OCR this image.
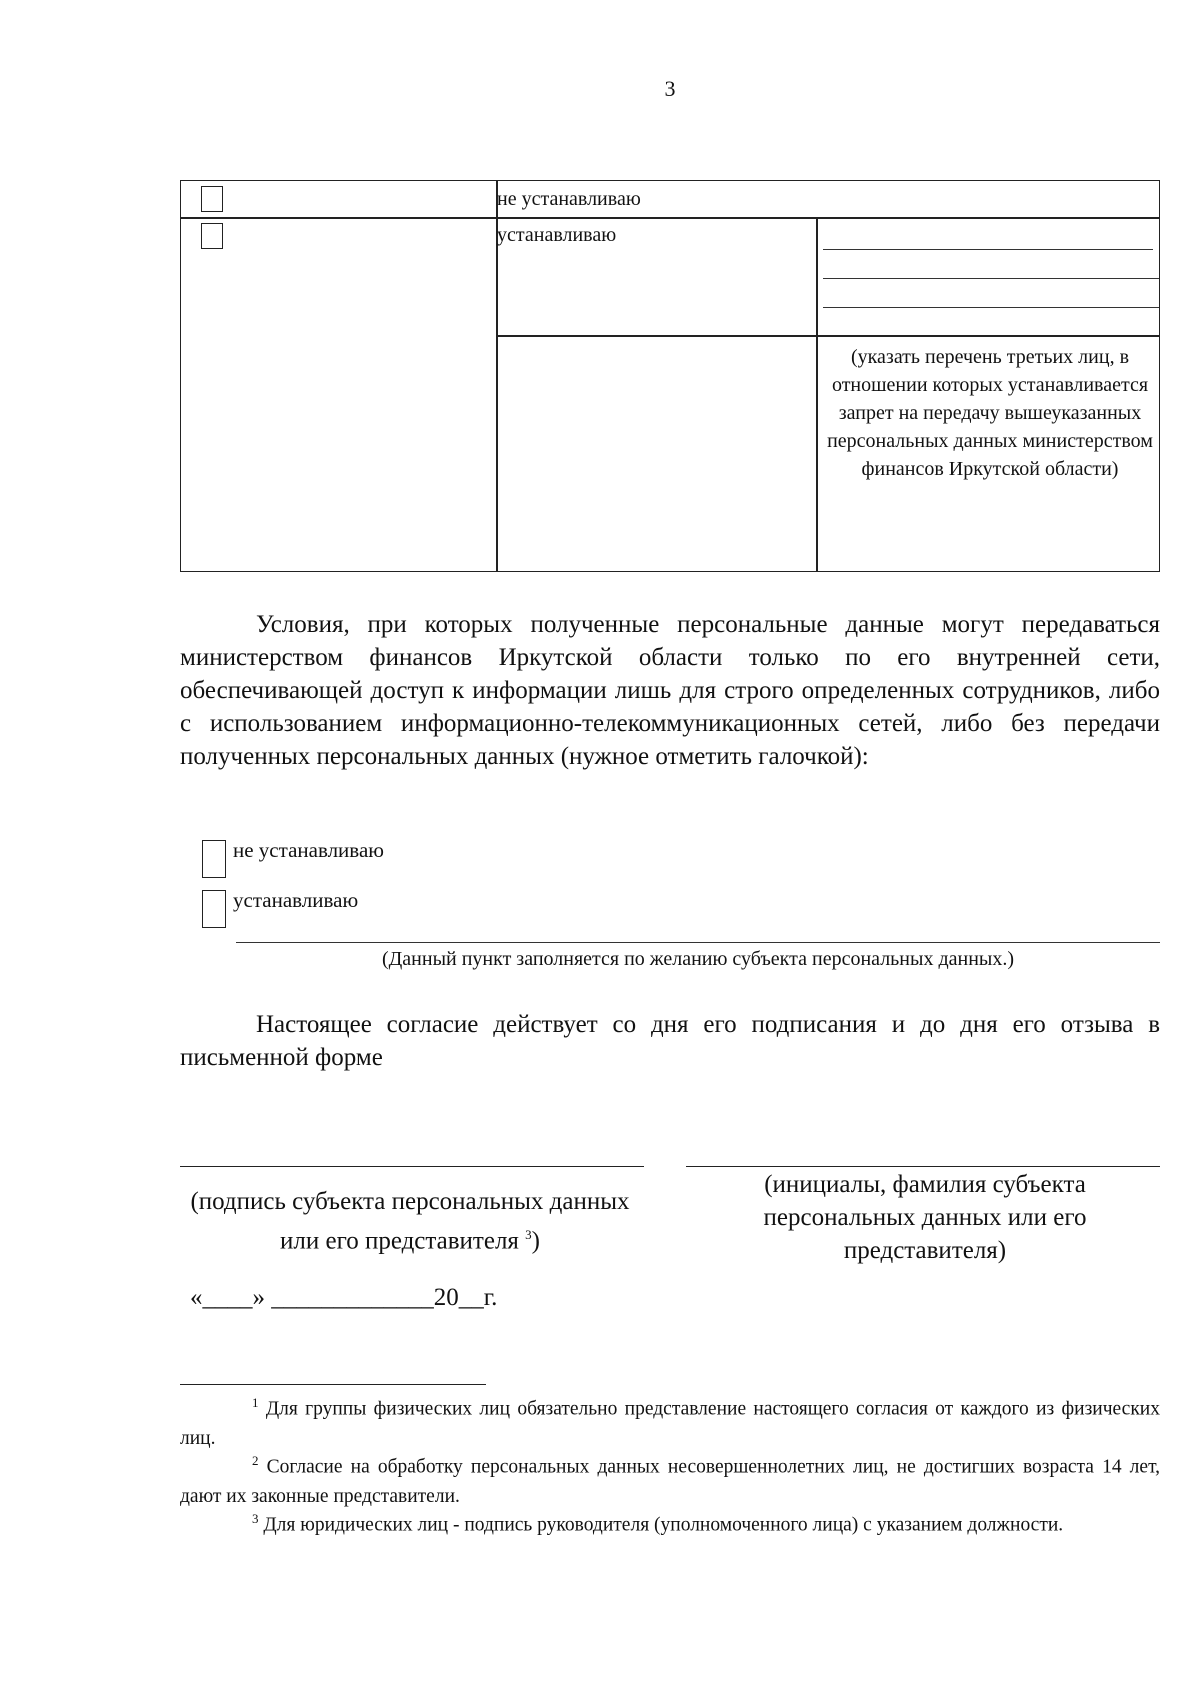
3
не устанавливаю
устанавливаю
(указать перечень третьих лиц, в отношении которых устанавливается запрет на передачу вышеуказанных персональных данных министерством финансов Иркутской области)
Условия, при которых полученные персональные данные могут передаваться министерством финансов Иркутской области только по его внутренней сети, обеспечивающей доступ к информации лишь для строго определенных сотрудников, либо с использованием информационно-телекоммуникационных сетей, либо без передачи полученных персональных данных (нужное отметить галочкой):
не устанавливаю
устанавливаю
(Данный пункт заполняется по желанию субъекта персональных данных.)
Настоящее согласие действует со дня его подписания и до дня его отзыва в письменной форме
(подпись субъекта персональных данных или его представителя $^3$)
(инициалы, фамилия субъекта персональных данных или его представителя)
«____» _____________20__г.
$^1$ Для группы физических лиц обязательно представление настоящего согласия от каждого из физических лиц.
$^2$ Согласие на обработку персональных данных несовершеннолетних лиц, не достигших возраста 14 лет, дают их законные представители.
$^3$ Для юридических лиц - подпись руководителя (уполномоченного лица) с указанием должности.
